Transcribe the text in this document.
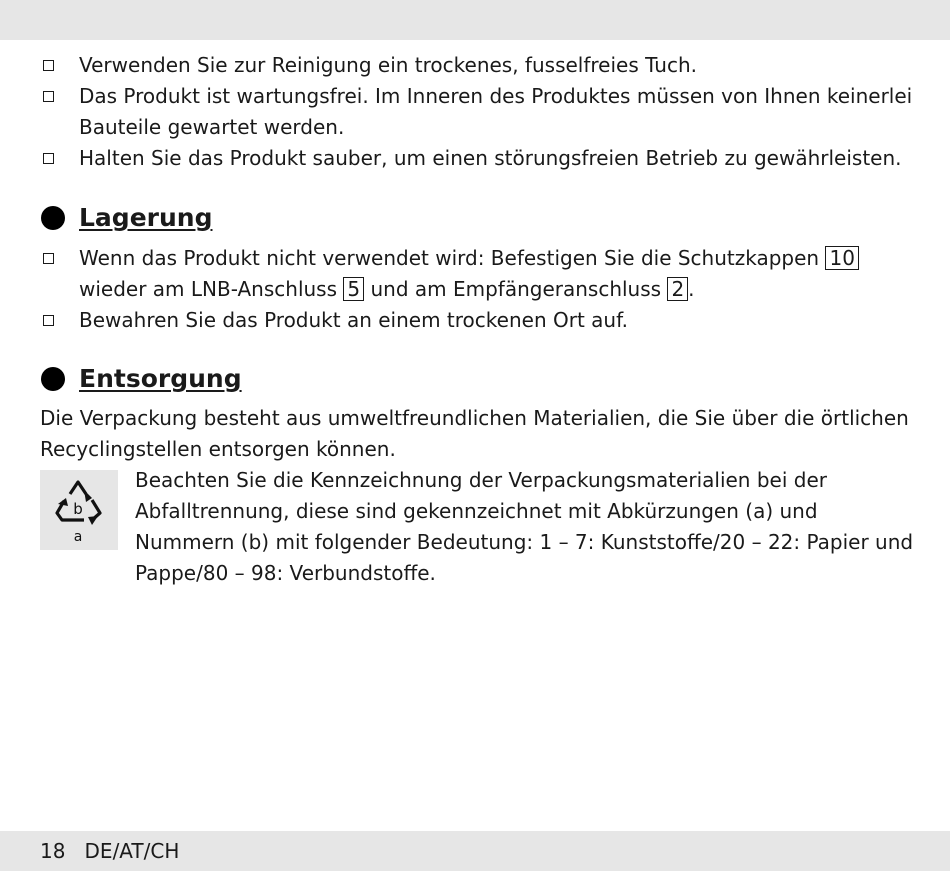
Verwenden Sie zur Reinigung ein trockenes, fusselfreies Tuch.
Das Produkt ist wartungsfrei. Im Inneren des Produktes müssen von Ihnen keinerlei Bauteile gewartet werden.
Halten Sie das Produkt sauber, um einen störungsfreien Betrieb zu gewährleisten.
Lagerung
Wenn das Produkt nicht verwendet wird: Befestigen Sie die Schutzkappen 10 wieder am LNB-Anschluss 5 und am Empfängeranschluss 2 .
Bewahren Sie das Produkt an einem trockenen Ort auf.
Entsorgung

Die Verpackung besteht aus umweltfreundlichen Materialien, die Sie über die örtlichen Recyclingstellen entsorgen können.

b
a

Beachten Sie die Kennzeichnung der Verpackungsmaterialien bei der Abfalltrennung, diese sind gekennzeichnet mit Abkürzungen (a) und Nummern (b) mit folgender Bedeutung: 1 – 7: Kunststoffe/20 – 22: Papier und Pappe/80 – 98: Verbundstoffe.

18 DE/AT/CH
